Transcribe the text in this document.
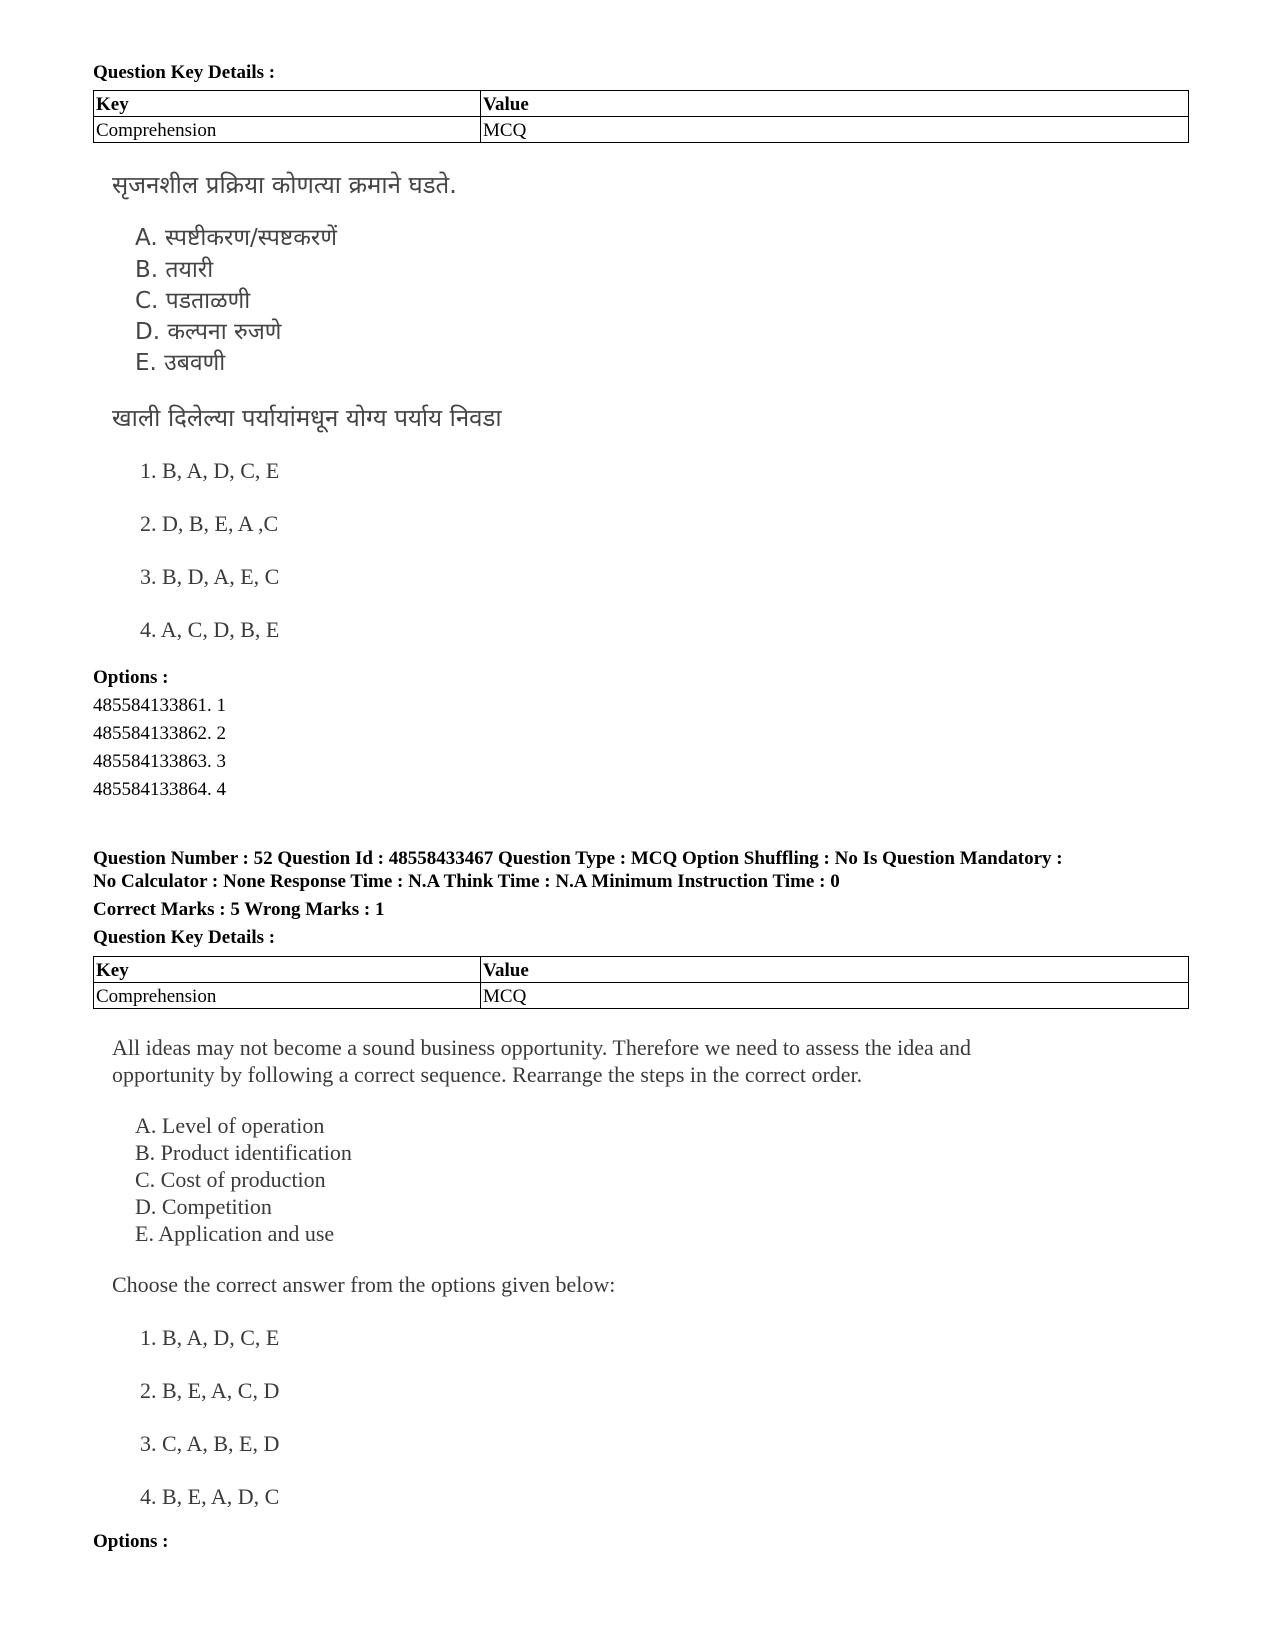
Question Key Details :
Key	Value
Comprehension	MCQ
सृजनशील प्रक्रिया कोणत्या क्रमाने घडते.
A. स्पष्टीकरण/स्पष्टकरणें
B. तयारी
C. पडताळणी
D. कल्पना रुजणे
E. उबवणी
खाली दिलेल्या पर्यायांमधून योग्य पर्याय निवडा
1. B, A, D, C, E
2. D, B, E, A ,C
3. B, D, A, E, C
4. A, C, D, B, E
Options :
485584133861. 1
485584133862. 2
485584133863. 3
485584133864. 4
Question Number : 52 Question Id : 48558433467 Question Type : MCQ Option Shuffling : No Is Question Mandatory :
No Calculator : None Response Time : N.A Think Time : N.A Minimum Instruction Time : 0
Correct Marks : 5 Wrong Marks : 1
Question Key Details :
Key	Value
Comprehension	MCQ
All ideas may not become a sound business opportunity. Therefore we need to assess the idea and
opportunity by following a correct sequence. Rearrange the steps in the correct order.
A. Level of operation
B. Product identification
C. Cost of production
D. Competition
E. Application and use
Choose the correct answer from the options given below:
1. B, A, D, C, E
2. B, E, A, C, D
3. C, A, B, E, D
4. B, E, A, D, C
Options :
